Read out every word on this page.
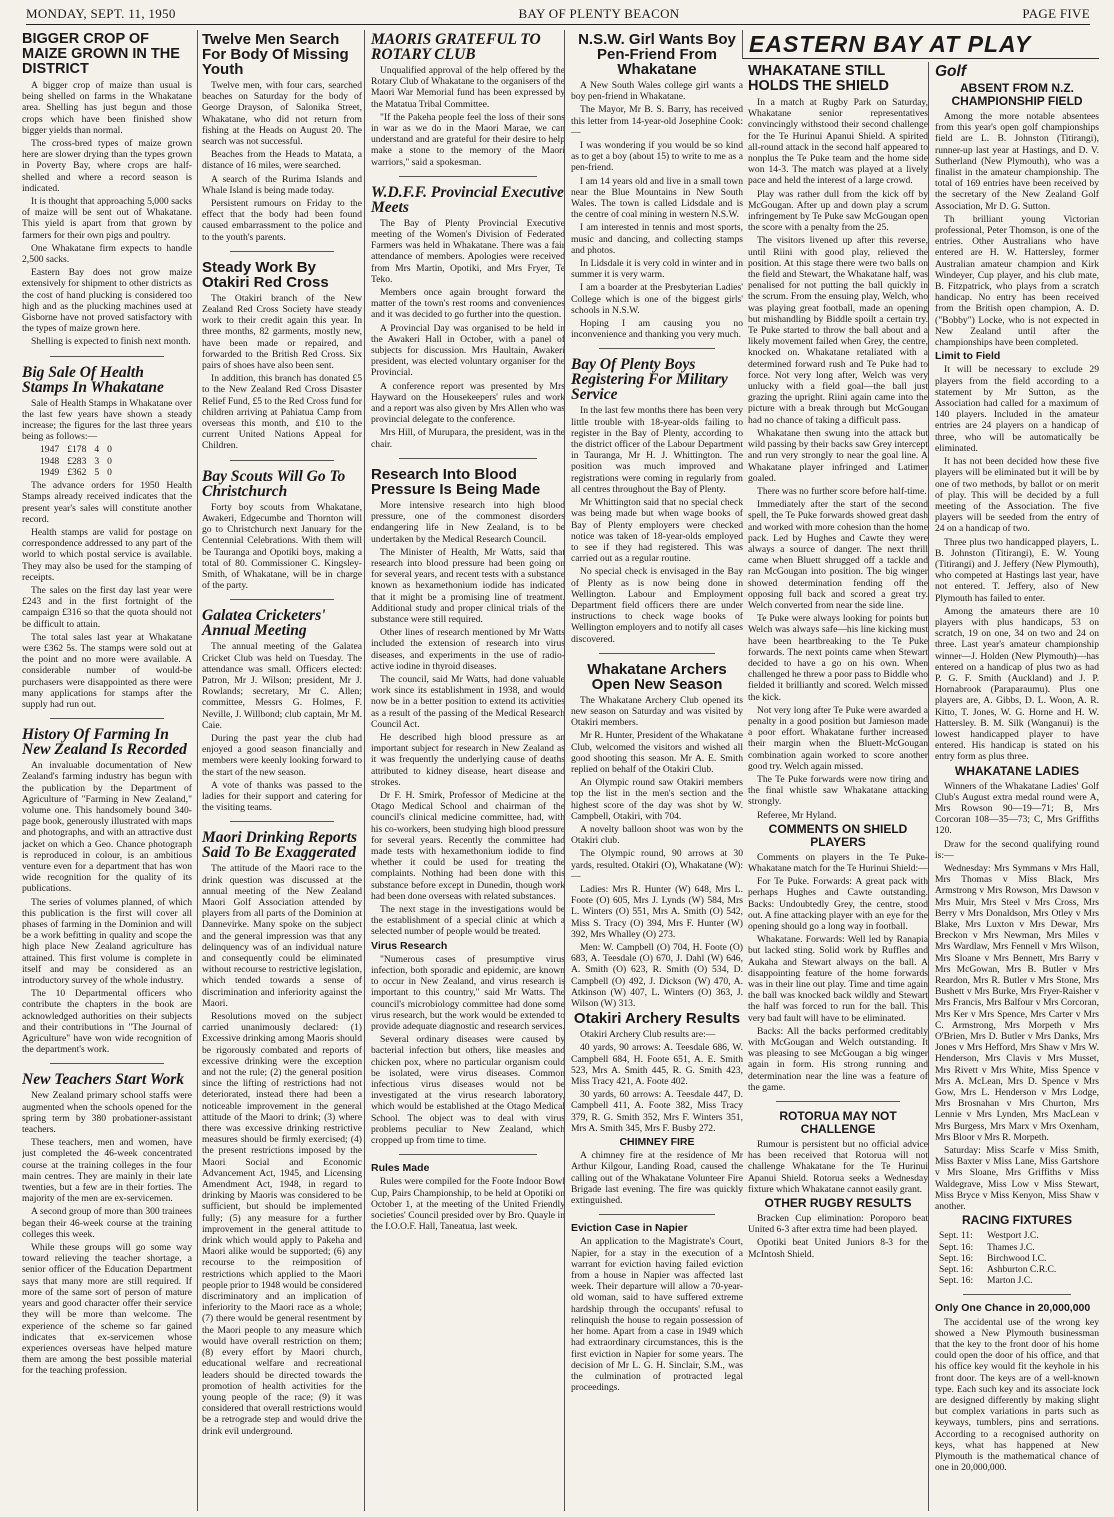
MONDAY, SEPT. 11, 1950	BAY OF PLENTY BEACON	PAGE FIVE
BIGGER CROP OF MAIZE GROWN IN THE DISTRICT

A bigger crop of maize than usual is being shelled on farms in the Whakatane area. Shelling has just begun and those crops which have been finished show bigger yields than normal.

The cross-bred types of maize grown here are slower drying than the types grown in Poverty Bay, where crops are half-shelled and where a record season is indicated.

It is thought that approaching 5,000 sacks of maize will be sent out of Whakatane. This yield is apart from that grown by farmers for their own pigs and poultry.

One Whakatane firm expects to handle 2,500 sacks.

Eastern Bay does not grow maize extensively for shipment to other districts as the cost of hand plucking is considered too high and as the plucking machines used at Gisborne have not proved satisfactory with the types of maize grown here.

Shelling is expected to finish next month.

Big Sale Of Health Stamps In Whakatane

Sale of Health Stamps in Whakatane over the last few years have shown a steady increase; the figures for the last three years being as follows:—

1947	£178	4	0
1948	£283	3	0
1949	£362	5	0

The advance orders for 1950 Health Stamps already received indicates that the present year's sales will constitute another record.

Health stamps are valid for postage on correspondence addressed to any part of the world to which postal service is available. They may also be used for the stamping of receipts.

The sales on the first day last year were £243 and in the first fortnight of the campaign £316 so that the quota should not be difficult to attain.

The total sales last year at Whakatane were £362 5s. The stamps were sold out at the point and no more were available. A considerable number of would-be purchasers were disappointed as there were many applications for stamps after the supply had run out.

History Of Farming In New Zealand Is Recorded

An invaluable documentation of New Zealand's farming industry has begun with the publication by the Department of Agriculture of "Farming in New Zealand," volume one. This handsomely bound 340-page book, generously illustrated with maps and photographs, and with an attractive dust jacket on which a Geo. Chance photograph is reproduced in colour, is an ambitious venture even for a department that has won wide recognition for the quality of its publications.

The series of volumes planned, of which this publication is the first will cover all phases of farming in the Dominion and will be a work befitting in quality and scope the high place New Zealand agriculture has attained. This first volume is complete in itself and may be considered as an introductory survey of the whole industry.

The 10 Departmental officers who contribute the chapters in the book are acknowledged authorities on their subjects and their contributions in "The Journal of Agriculture" have won wide recognition of the department's work.

New Teachers Start Work

New Zealand primary school staffs were augmented when the schools opened for the spring term by 380 probationer-assistant teachers.

These teachers, men and women, have just completed the 46-week concentrated course at the training colleges in the four main centres. They are mainly in their late twenties, but a few are in their forties. The majority of the men are ex-servicemen.

A second group of more than 300 trainees began their 46-week course at the training colleges this week.

While these groups will go some way toward relieving the teacher shortage, a senior officer of the Education Department says that many more are still required. If more of the same sort of person of mature years and good character offer their service they will be more than welcome. The experience of the scheme so far gained indicates that ex-servicemen whose experiences overseas have helped mature them are among the best possible material for the teaching profession.

Twelve Men Search For Body Of Missing Youth

Twelve men, with four cars, searched beaches on Saturday for the body of George Drayson, of Salonika Street, Whakatane, who did not return from fishing at the Heads on August 20. The search was not successful.

Beaches from the Heads to Matata, a distance of 16 miles, were searched.

A search of the Rurima Islands and Whale Island is being made today.

Persistent rumours on Friday to the effect that the body had been found caused embarrassment to the police and to the youth's parents.

Steady Work By Otakiri Red Cross

The Otakiri branch of the New Zealand Red Cross Society have steady work to their credit again this year. In three months, 82 garments, mostly new, have been made or repaired, and forwarded to the British Red Cross. Six pairs of shoes have also been sent.

In addition, this branch has donated £5 to the New Zealand Red Cross Disaster Relief Fund, £5 to the Red Cross fund for children arriving at Pahiatua Camp from overseas this month, and £10 to the current United Nations Appeal for Children.

Bay Scouts Will Go To Christchurch

Forty boy scouts from Whakatane, Awakeri, Edgecumbe and Thornton will go to Christchurch next January for the Centennial Celebrations. With them will be Tauranga and Opotiki boys, making a total of 80. Commissioner C. Kingsley-Smith, of Whakatane, will be in charge of the party.

Galatea Cricketers' Annual Meeting

The annual meeting of the Galatea Cricket Club was held on Tuesday. The attendance was small. Officers elected: Patron, Mr J. Wilson; president, Mr J. Rowlands; secretary, Mr C. Allen; committee, Messrs G. Holmes, F. Neville, J. Willbond; club captain, Mr M. Caie.

During the past year the club had enjoyed a good season financially and members were keenly looking forward to the start of the new season.

A vote of thanks was passed to the ladies for their support and catering for the visiting teams.

Maori Drinking Reports Said To Be Exaggerated

The attitude of the Maori race to the drink question was discussed at the annual meeting of the New Zealand Maori Golf Association attended by players from all parts of the Dominion at Dannevirke. Many spoke on the subject and the general impression was that any delinquency was of an individual nature and consequently could be eliminated without recourse to restrictive legislation, which tended towards a sense of discrimination and inferiority against the Maori.

Resolutions moved on the subject carried unanimously declared: (1) Excessive drinking among Maoris should be rigorously combated and reports of excessive drinking were the exception and not the rule; (2) the general position since the lifting of restrictions had not deteriorated, instead there had been a noticeable improvement in the general attitude of the Maori to drink; (3) where there was excessive drinking restrictive measures should be firmly exercised; (4) the present restrictions imposed by the Maori Social and Economic Advancement Act, 1945, and Licensing Amendment Act, 1948, in regard to drinking by Maoris was considered to be sufficient, but should be implemented fully; (5) any measure for a further improvement in the general attitude to drink which would apply to Pakeha and Maori alike would be supported; (6) any recourse to the reimposition of restrictions which applied to the Maori people prior to 1948 would be considered discriminatory and an implication of inferiority to the Maori race as a whole; (7) there would be general resentment by the Maori people to any measure which would have overall restriction on them; (8) every effort by Maori church, educational welfare and recreational leaders should be directed towards the promotion of health activities for the young people of the race; (9) it was considered that overall restrictions would be a retrograde step and would drive the drink evil underground.

MAORIS GRATEFUL TO ROTARY CLUB

Unqualified approval of the help offered by the Rotary Club of Whakatane to the organisers of the Maori War Memorial fund has been expressed by the Matatua Tribal Committee.

"If the Pakeha people feel the loss of their sons in war as we do in the Maori Marae, we can understand and are grateful for their desire to help make a stone to the memory of the Maori warriors," said a spokesman.

W.D.F.F. Provincial Executive Meets

The Bay of Plenty Provincial Executive meeting of the Women's Division of Federated Farmers was held in Whakatane. There was a fair attendance of members. Apologies were received from Mrs Martin, Opotiki, and Mrs Fryer, Te Teko.

Members once again brought forward the matter of the town's rest rooms and conveniences and it was decided to go further into the question.

A Provincial Day was organised to be held in the Awakeri Hall in October, with a panel of subjects for discussion. Mrs Haultain, Awakeri president, was elected voluntary organiser for the Provincial.

A conference report was presented by Mrs Hayward on the Housekeepers' rules and work and a report was also given by Mrs Allen who was provincial delegate to the conference.

Mrs Hill, of Murupara, the president, was in the chair.

Research Into Blood Pressure Is Being Made

More intensive research into high blood pressure, one of the commonest disorders endangering life in New Zealand, is to be undertaken by the Medical Research Council.

The Minister of Health, Mr Watts, said that research into blood pressure had been going on for several years, and recent tests with a substance known as hexamethonium iodide has indicated that it might be a promising line of treatment. Additional study and proper clinical trials of the substance were still required.

Other lines of research mentioned by Mr Watts included the extension of research into virus diseases, and experiments in the use of radio-active iodine in thyroid diseases.

The council, said Mr Watts, had done valuable work since its establishment in 1938, and would now be in a better position to extend its activities as a result of the passing of the Medical Research Council Act.

He described high blood pressure as an important subject for research in New Zealand as it was frequently the underlying cause of deaths attributed to kidney disease, heart disease and strokes.

Dr F. H. Smirk, Professor of Medicine at the Otago Medical School and chairman of the council's clinical medicine committee, had, with his co-workers, been studying high blood pressure for several years. Recently the committee had made tests with hexamethonium iodide to find whether it could be used for treating the complaints. Nothing had been done with this substance before except in Dunedin, though work had been done overseas with related substances.

The next stage in the investigations would be the establishment of a special clinic at which a selected number of people would be treated.

Virus Research

"Numerous cases of presumptive virus infection, both sporadic and epidemic, are known to occur in New Zealand, and virus research is important to this country," said Mr Watts. The council's microbiology committee had done some virus research, but the work would be extended to provide adequate diagnostic and research services.

Several ordinary diseases were caused by bacterial infection but others, like measles and chicken pox, where no particular organism could be isolated, were virus diseases. Common infectious virus diseases would not be investigated at the virus research laboratory, which would be established at the Otago Medical School. The object was to deal with virus problems peculiar to New Zealand, which cropped up from time to time.

Rules Made

Rules were compiled for the Foote Indoor Bowl Cup, Pairs Championship, to be held at Opotiki on October 1, at the meeting of the United Friendly societies' Council presided over by Bro. Quayle in the I.O.O.F. Hall, Taneatua, last week.

N.S.W. Girl Wants Boy Pen-Friend From Whakatane

A New South Wales college girl wants a boy pen-friend in Whakatane.

The Mayor, Mr B. S. Barry, has received this letter from 14-year-old Josephine Cook:—

I was wondering if you would be so kind as to get a boy (about 15) to write to me as a pen-friend.

I am 14 years old and live in a small town near the Blue Mountains in New South Wales. The town is called Lidsdale and is the centre of coal mining in western N.S.W.

I am interested in tennis and most sports, music and dancing, and collecting stamps and photos.

In Lidsdale it is very cold in winter and in summer it is very warm.

I am a boarder at the Presbyterian Ladies' College which is one of the biggest girls' schools in N.S.W.

Hoping I am causing you no inconvenience and thanking you very much.

Bay Of Plenty Boys Registering For Military Service

In the last few months there has been very little trouble with 18-year-olds failing to register in the Bay of Plenty, according to the district officer of the Labour Department in Tauranga, Mr H. J. Whittington. The position was much improved and registrations were coming in regularly from all centres throughout the Bay of Plenty.

Mr Whittington said that no special check was being made but when wage books of Bay of Plenty employers were checked notice was taken of 18-year-olds employed to see if they had registered. This was carried out as a regular routine.

No special check is envisaged in the Bay of Plenty as is now being done in Wellington. Labour and Employment Department field officers there are under instructions to check wage books of Wellington employers and to notify all cases discovered.

Whakatane Archers Open New Season

The Whakatane Archery Club opened its new season on Saturday and was visited by Otakiri members.

Mr R. Hunter, President of the Whakatane Club, welcomed the visitors and wished all good shooting this season. Mr A. E. Smith replied on behalf of the Otakiri Club.

An Olympic round saw Otakiri members top the list in the men's section and the highest score of the day was shot by W. Campbell, Otakiri, with 704.

A novelty balloon shoot was won by the Otakiri club.

The Olympic round, 90 arrows at 30 yards, resulted. Otakiri (O), Whakatane (W):—

Ladies: Mrs R. Hunter (W) 648, Mrs L. Foote (O) 605, Mrs J. Lynds (W) 584, Mrs L. Winters (O) 551, Mrs A. Smith (O) 542, Miss S. Tracy (O) 394, Mrs F. Hunter (W) 392, Mrs Whalley (O) 273.

Men: W. Campbell (O) 704, H. Foote (O) 683, A. Teesdale (O) 670, J. Dahl (W) 646, A. Smith (O) 623, R. Smith (O) 534, D. Campbell (O) 492, J. Dickson (W) 470, A. Atkinson (W) 407, L. Winters (O) 363, J. Wilson (W) 313.

Otakiri Archery Results

Otakiri Archery Club results are:—

40 yards, 90 arrows: A. Teesdale 686, W. Campbell 684, H. Foote 651, A. E. Smith 523, Mrs A. Smith 445, R. G. Smith 423, Miss Tracy 421, A. Foote 402.

30 yards, 60 arrows: A. Teesdale 447, D. Campbell 411, A. Foote 382, Miss Tracy 379, R. G. Smith 352, Mrs F. Winters 351, Mrs A. Smith 345, Mrs F. Busby 272.

CHIMNEY FIRE

A chimney fire at the residence of Mr Arthur Kilgour, Landing Road, caused the calling out of the Whakatane Volunteer Fire Brigade last evening. The fire was quickly extinguished.

Eviction Case in Napier

An application to the Magistrate's Court, Napier, for a stay in the execution of a warrant for eviction having failed eviction from a house in Napier was affected last week. Their departure will allow a 70-year-old woman, said to have suffered extreme hardship through the occupants' refusal to relinquish the house to regain possession of her home. Apart from a case in 1949 which had extraordinary circumstances, this is the first eviction in Napier for some years. The decision of Mr L. G. H. Sinclair, S.M., was the culmination of protracted legal proceedings.

EASTERN BAY AT PLAY
WHAKATANE STILL HOLDS THE SHIELD

In a match at Rugby Park on Saturday, Whakatane senior representatives convincingly withstood their second challenge for the Te Hurinui Apanui Shield. A spirited all-round attack in the second half appeared to nonplus the Te Puke team and the home side won 14-3. The match was played at a lively pace and held the interest of a large crowd.

Play was rather dull from the kick off by McGougan. After up and down play a scrum infringement by Te Puke saw McGougan open the score with a penalty from the 25.

The visitors livened up after this reverse, until Riini with good play, relieved the position. At this stage there were two balls on the field and Stewart, the Whakatane half, was penalised for not putting the ball quickly in the scrum. From the ensuing play, Welch, who was playing great football, made an opening but mishandling by Biddle spoilt a certain try. Te Puke started to throw the ball about and a likely movement failed when Grey, the centre, knocked on. Whakatane retaliated with a determined forward rush and Te Puke had to force. Not very long after, Welch was very unlucky with a field goal—the ball just grazing the upright. Riini again came into the picture with a break through but McGougan had no chance of taking a difficult pass.

Whakatane then swung into the attack but wild passing by their backs saw Grey intercept and run very strongly to near the goal line. A Whakatane player infringed and Latimer goaled.

There was no further score before half-time.

Immediately after the start of the second spell, the Te Puke forwards showed great dash and worked with more cohesion than the home pack. Led by Hughes and Cawte they were always a source of danger. The next thrill came when Bluett shrugged off a tackle and ran McGougan into position. The big winger showed determination fending off the opposing full back and scored a great try. Welch converted from near the side line.

Te Puke were always looking for points but Welch was always safe—his line kicking must have been heartbreaking to the Te Puke forwards. The next points came when Stewart decided to have a go on his own. When challenged he threw a poor pass to Biddle who fielded it brilliantly and scored. Welch missed the kick.

Not very long after Te Puke were awarded a penalty in a good position but Jamieson made a poor effort. Whakatane further increased their margin when the Bluett-McGougan combination again worked to score another good try. Welch again missed.

The Te Puke forwards were now tiring and the final whistle saw Whakatane attacking strongly.

Referee, Mr Hyland.

COMMENTS ON SHIELD PLAYERS

Comments on players in the Te Puke-Whakatane match for the Te Hurinui Shield:—

For Te Puke. Forwards: A great pack with perhaps Hughes and Cawte outstanding. Backs: Undoubtedly Grey, the centre, stood out. A fine attacking player with an eye for the opening should go a long way in football.

Whakatane. Forwards: Well led by Ranapia but lacked sting. Solid work by Ruffles and Aukaha and Stewart always on the ball. A disappointing feature of the home forwards was in their line out play. Time and time again the ball was knocked back wildly and Stewart the half was forced to run for the ball. This very bad fault will have to be eliminated.

Backs: All the backs performed creditably with McGougan and Welch outstanding. It was pleasing to see McGougan a big winger again in form. His strong running and determination near the line was a feature of the game.

ROTORUA MAY NOT CHALLENGE

Rumour is persistent but no official advice has been received that Rotorua will not challenge Whakatane for the Te Hurinui Apanui Shield. Rotorua seeks a Wednesday fixture which Whakatane cannot easily grant.

OTHER RUGBY RESULTS

Bracken Cup elimination: Poroporo beat United 6-3 after extra time had been played.

Opotiki beat United Juniors 8-3 for the McIntosh Shield.

Golf
ABSENT FROM N.Z. CHAMPIONSHIP FIELD

Among the more notable absentees from this year's open golf championships field are L. B. Johnston (Titirangi), runner-up last year at Hastings, and D. V. Sutherland (New Plymouth), who was a finalist in the amateur championship. The total of 169 entries have been received by the secretary of the New Zealand Golf Association, Mr D. G. Sutton.

Th brilliant young Victorian professional, Peter Thomson, is one of the entries. Other Australians who have entered are H. W. Hattersley, former Australian amateur champion and Kirk Windeyer, Cup player, and his club mate, B. Fitzpatrick, who plays from a scratch handicap. No entry has been received from the British open champion, A. D. ("Bobby") Locke, who is not expected in New Zealand until after the championships have been completed.

Limit to Field

It will be necessary to exclude 29 players from the field according to a statement by Mr Sutton, as the Association had called for a maximum of 140 players. Included in the amateur entries are 24 players on a handicap of three, who will be automatically be eliminated.

It has not been decided how these five players will be eliminated but it will be by one of two methods, by ballot or on merit of play. This will be decided by a full meeting of the Association. The five players will be seeded from the entry of 24 on a handicap of two.

Three plus two handicapped players, L. B. Johnston (Titirangi), E. W. Young (Titirangi) and J. Jeffery (New Plymouth), who competed at Hastings last year, have not entered. T. Jeffery, also of New Plymouth has failed to enter.

Among the amateurs there are 10 players with plus handicaps, 53 on scratch, 19 on one, 34 on two and 24 on three. Last year's amateur championship winner—J. Holden (New Plymouth)—has entered on a handicap of plus two as had P. G. F. Smith (Auckland) and J. P. Hornabrook (Paraparaumu). Plus one players are, A. Gibbs, D. L. Woon, A. R. Kitto, T. Jones, W. G. Horne and H. W. Hattersley. B. M. Silk (Wanganui) is the lowest handicapped player to have entered. His handicap is stated on his entry form as plus three.

WHAKATANE LADIES

Winners of the Whakatane Ladies' Golf Club's August extra medal round were A, Mrs Rowson 90—19—71; B, Mrs Corcoran 108—35—73; C, Mrs Griffiths 120.

Draw for the second qualifying round is:—

Wednesday: Mrs Symmans v Mrs Hall, Mrs Thomas v Miss Black, Mrs Armstrong v Mrs Rowson, Mrs Dawson v Mrs Muir, Mrs Steel v Mrs Cross, Mrs Berry v Mrs Donaldson, Mrs Otley v Mrs Blake, Mrs Luxton v Mrs Dewar, Mrs Breckon v Mrs Newman, Mrs Miles v Mrs Wardlaw, Mrs Fennell v Mrs Wilson, Mrs Sloane v Mrs Bennett, Mrs Barry v Mrs McGowan, Mrs B. Butler v Mrs Reardon, Mrs R. Butler v Mrs Stone, Mrs Bushett v Mrs Burke, Mrs Fryer-Raisher v Mrs Francis, Mrs Balfour v Mrs Corcoran, Mrs Ker v Mrs Spence, Mrs Carter v Mrs C. Armstrong, Mrs Morpeth v Mrs O'Brien, Mrs D. Butler v Mrs Danks, Mrs Jones v Mrs Hefford, Mrs Shaw v Mrs W. Henderson, Mrs Clavis v Mrs Musset, Mrs Rivett v Mrs White, Miss Spence v Mrs A. McLean, Mrs D. Spence v Mrs Gow, Mrs L. Henderson v Mrs Lodge, Mrs Brosnahan v Mrs Churton, Mrs Lennie v Mrs Lynden, Mrs MacLean v Mrs Burgess, Mrs Marx v Mrs Oxenham, Mrs Bloor v Mrs R. Morpeth.

Saturday: Miss Scarfe v Miss Smith, Miss Baxter v Miss Lane, Miss Gartshore v Mrs Sloane, Mrs Griffiths v Miss Waldegrave, Miss Low v Miss Stewart, Miss Bryce v Miss Kenyon, Miss Shaw v another.

RACING FIXTURES
Sept. 11:	Westport J.C.
Sept. 16:	Thames J.C.
Sept. 16:	Birchwood I.C.
Sept. 16:	Ashburton C.R.C.
Sept. 16:	Marton J.C.
Only One Chance in 20,000,000

The accidental use of the wrong key showed a New Plymouth businessman that the key to the front door of his home could open the door of his office, and that his office key would fit the keyhole in his front door. The keys are of a well-known type. Each such key and its associate lock are designed differently by making slight but complex variations in parts such as keyways, tumblers, pins and serrations. According to a recognised authority on keys, what has happened at New Plymouth is the mathematical chance of one in 20,000,000.
